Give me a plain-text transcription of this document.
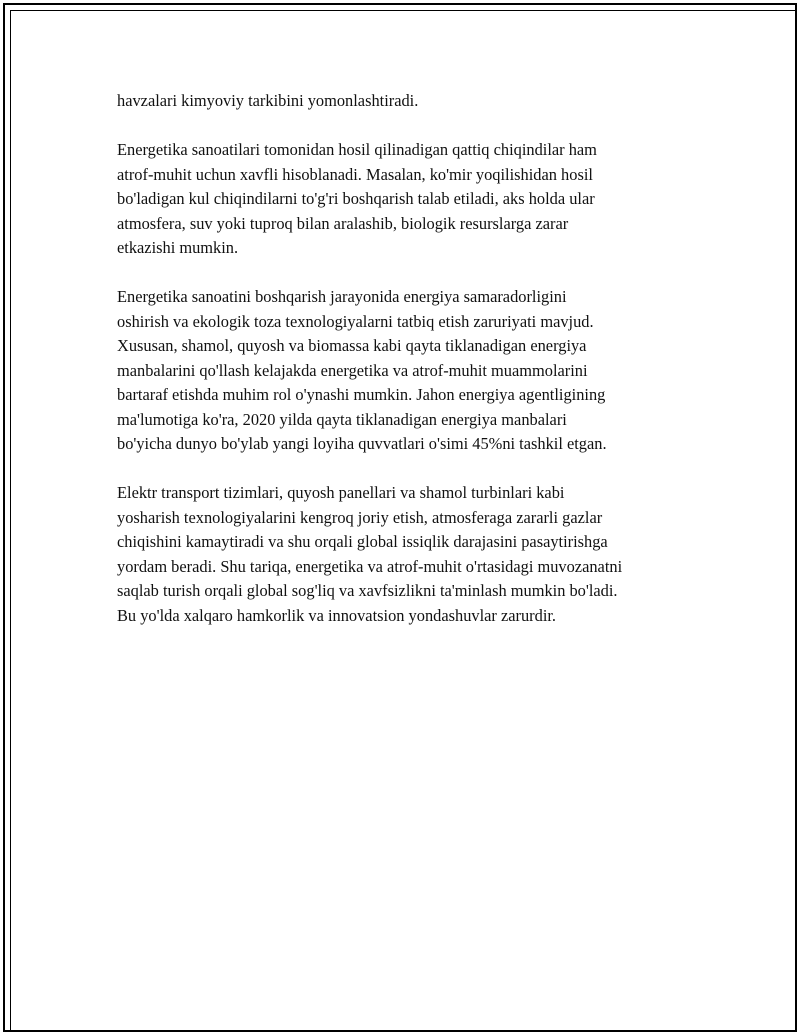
havzalari kimyoviy tarkibini yomonlashtiradi.

Energetika sanoatilari tomonidan hosil qilinadigan qattiq chiqindilar ham
atrof-muhit uchun xavfli hisoblanadi. Masalan, ko'mir yoqilishidan hosil
bo'ladigan kul chiqindilarni to'g'ri boshqarish talab etiladi, aks holda ular
atmosfera, suv yoki tuproq bilan aralashib, biologik resurslarga zarar
etkazishi mumkin.

Energetika sanoatini boshqarish jarayonida energiya samaradorligini
oshirish va ekologik toza texnologiyalarni tatbiq etish zaruriyati mavjud.
Xususan, shamol, quyosh va biomassa kabi qayta tiklanadigan energiya
manbalarini qo'llash kelajakda energetika va atrof-muhit muammolarini
bartaraf etishda muhim rol o'ynashi mumkin. Jahon energiya agentligining
ma'lumotiga ko'ra, 2020 yilda qayta tiklanadigan energiya manbalari
bo'yicha dunyo bo'ylab yangi loyiha quvvatlari o'simi 45%ni tashkil etgan.

Elektr transport tizimlari, quyosh panellari va shamol turbinlari kabi
yosharish texnologiyalarini kengroq joriy etish, atmosferaga zararli gazlar
chiqishini kamaytiradi va shu orqali global issiqlik darajasini pasaytirishga
yordam beradi. Shu tariqa, energetika va atrof-muhit o'rtasidagi muvozanatni
saqlab turish orqali global sog'liq va xavfsizlikni ta'minlash mumkin bo'ladi.
Bu yo'lda xalqaro hamkorlik va innovatsion yondashuvlar zarurdir.
